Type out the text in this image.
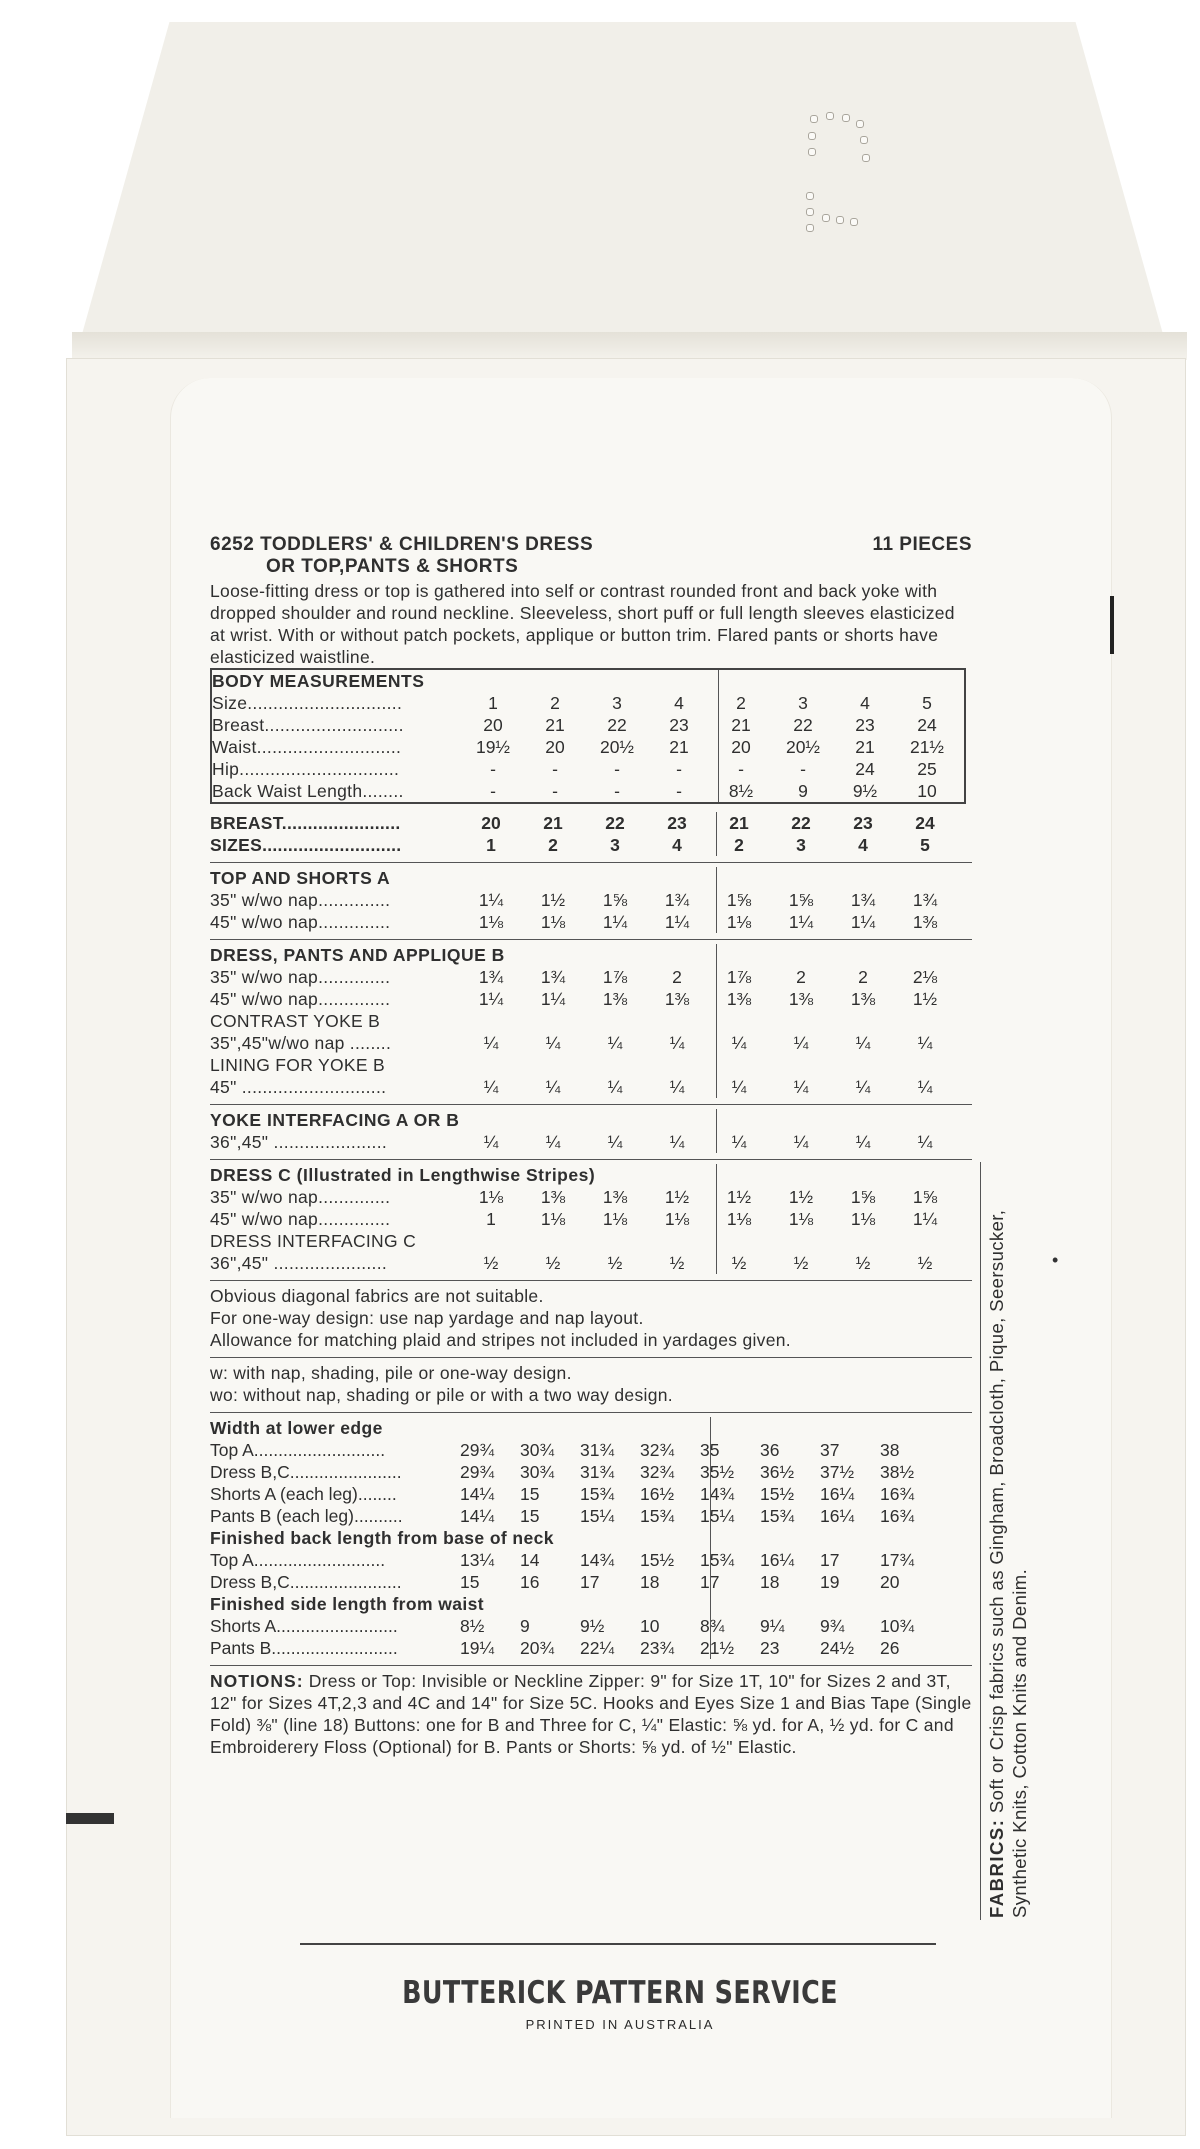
6252 TODDLERS' & CHILDREN'S DRESS
OR TOP,PANTS & SHORTS
11 PIECES
Loose-fitting dress or top is gathered into self or contrast rounded front and back yoke with dropped shoulder and round neckline. Sleeveless, short puff or full length sleeves elasticized at wrist. With or without patch pockets, applique or button trim. Flared pants or shorts have elasticized waistline.
BODY MEASUREMENTS
Size..............................	1	2	3	4	2	3	4	5
Breast...........................	20	21	22	23	21	22	23	24
Waist............................	19½	20	20½	21	20	20½	21	21½
Hip...............................	-	-	-	-	-	-	24	25
Back Waist Length........	-	-	-	-	8½	9	9½	10
BREAST.......................	20	21	22	23	21	22	23	24
SIZES...........................	1	2	3	4	2	3	4	5
TOP AND SHORTS A
35" w/wo nap..............	1¼	1½	1⅝	1¾	1⅝	1⅝	1¾	1¾
45" w/wo nap..............	1⅛	1⅛	1¼	1¼	1⅛	1¼	1¼	1⅜
DRESS, PANTS AND APPLIQUE B
35" w/wo nap..............	1¾	1¾	1⅞	2	1⅞	2	2	2⅛
45" w/wo nap..............	1¼	1¼	1⅜	1⅜	1⅜	1⅜	1⅜	1½
CONTRAST YOKE B
35",45"w/wo nap ........	¼	¼	¼	¼	¼	¼	¼	¼
LINING FOR YOKE B
45" ............................	¼	¼	¼	¼	¼	¼	¼	¼
YOKE INTERFACING A OR B
36",45" ......................	¼	¼	¼	¼	¼	¼	¼	¼
DRESS C (Illustrated in Lengthwise Stripes)
35" w/wo nap..............	1⅛	1⅜	1⅜	1½	1½	1½	1⅝	1⅝
45" w/wo nap..............	1	1⅛	1⅛	1⅛	1⅛	1⅛	1⅛	1¼
DRESS INTERFACING C
36",45" ......................	½	½	½	½	½	½	½	½
Obvious diagonal fabrics are not suitable.
For one-way design: use nap yardage and nap layout.
Allowance for matching plaid and stripes not included in yardages given.
w: with nap, shading, pile or one-way design.
wo: without nap, shading or pile or with a two way design.
Width at lower edge
Top A...........................	29¾	30¾	31¾	32¾	35	36	37	38
Dress B,C.......................	29¾	30¾	31¾	32¾	35½	36½	37½	38½
Shorts A (each leg)........	14¼	15	15¾	16½	14¾	15½	16¼	16¾
Pants B (each leg)..........	14¼	15	15¼	15¾	15¼	15¾	16¼	16¾
Finished back length from base of neck
Top A...........................	13¼	14	14¾	15½	15¾	16¼	17	17¾
Dress B,C.......................	15	16	17	18	17	18	19	20
Finished side length from waist
Shorts A.........................	8½	9	9½	10	8¾	9¼	9¾	10¾
Pants B..........................	19¼	20¾	22¼	23¾	21½	23	24½	26
NOTIONS: Dress or Top: Invisible or Neckline Zipper: 9" for Size 1T, 10" for Sizes 2 and 3T, 12" for Sizes 4T,2,3 and 4C and 14" for Size 5C. Hooks and Eyes Size 1 and Bias Tape (Single Fold) ⅜" (line 18) Buttons: one for B and Three for C, ¼" Elastic: ⅝ yd. for A, ½ yd. for C and Embroiderery Floss (Optional) for B. Pants or Shorts: ⅝ yd. of ½" Elastic.
BUTTERICK PATTERN SERVICE
PRINTED IN AUSTRALIA
FABRICS: Soft or Crisp fabrics such as Gingham, Broadcloth, Pique, Seersucker, Synthetic Knits, Cotton Knits and Denim.
•
